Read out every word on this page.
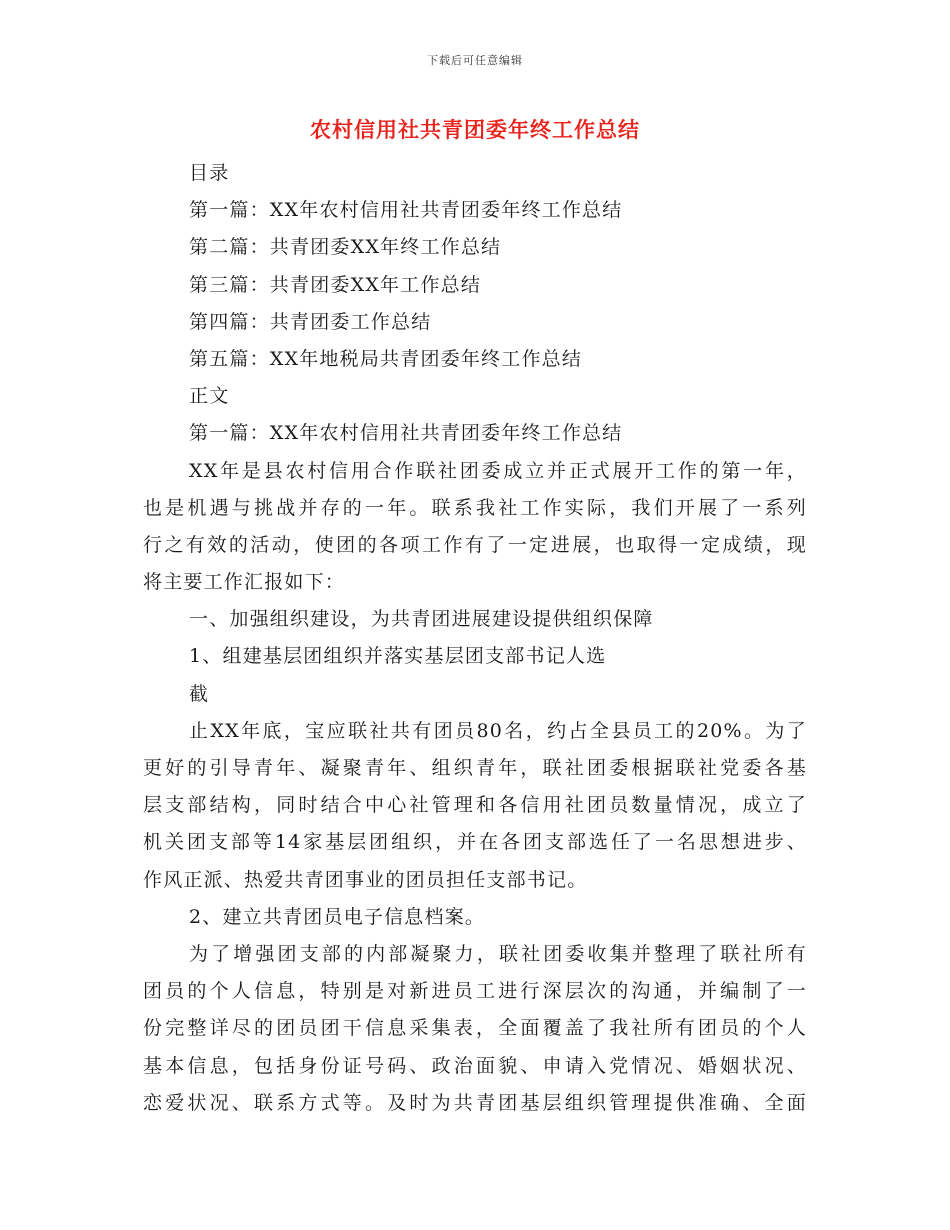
下载后可任意编辑
农村信用社共青团委年终工作总结
目录
第一篇：XX年农村信用社共青团委年终工作总结
第二篇：共青团委XX年终工作总结
第三篇：共青团委XX年工作总结
第四篇：共青团委工作总结
第五篇：XX年地税局共青团委年终工作总结
正文
第一篇：XX年农村信用社共青团委年终工作总结
XX年是县农村信用合作联社团委成立并正式展开工作的第一年，
也是机遇与挑战并存的一年。联系我社工作实际，我们开展了一系列
行之有效的活动，使团的各项工作有了一定进展，也取得一定成绩，现
将主要工作汇报如下：
一、加强组织建设，为共青团进展建设提供组织保障
1、组建基层团组织并落实基层团支部书记人选
截
止XX年底，宝应联社共有团员80名，约占全县员工的20%。为了
更好的引导青年、凝聚青年、组织青年，联社团委根据联社党委各基
层支部结构，同时结合中心社管理和各信用社团员数量情况，成立了
机关团支部等14家基层团组织，并在各团支部选任了一名思想进步、
作风正派、热爱共青团事业的团员担任支部书记。
2、建立共青团员电子信息档案。
为了增强团支部的内部凝聚力，联社团委收集并整理了联社所有
团员的个人信息，特别是对新进员工进行深层次的沟通，并编制了一
份完整详尽的团员团干信息采集表，全面覆盖了我社所有团员的个人
基本信息，包括身份证号码、政治面貌、申请入党情况、婚姻状况、
恋爱状况、联系方式等。及时为共青团基层组织管理提供准确、全面
